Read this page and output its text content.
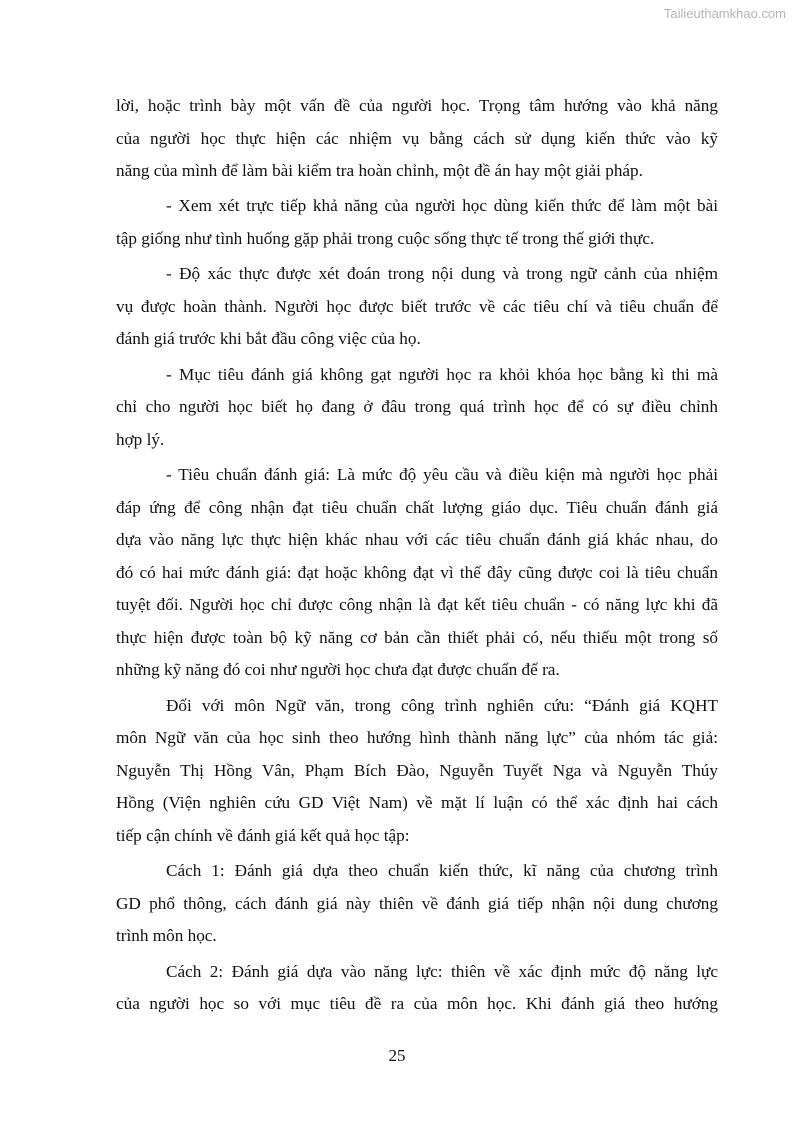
Tailieuthamkhao.com
lời, hoặc trình bày một vấn đề của người học. Trọng tâm hướng vào khả năng
của người học thực hiện các nhiệm vụ bằng cách sử dụng kiến thức vào kỹ
năng của mình để làm bài kiểm tra hoàn chỉnh, một đề án hay một giải pháp.
- Xem xét trực tiếp khả năng của người học dùng kiến thức để làm một bài
tập giống như tình huống gặp phải trong cuộc sống thực tế trong thế giới thực.
- Độ xác thực được xét đoán trong nội dung và trong ngữ cảnh của nhiệm
vụ được hoàn thành. Người học được biết trước về các tiêu chí và tiêu chuẩn để
đánh giá trước khi bắt đầu công việc của họ.
- Mục tiêu đánh giá không gạt người học ra khỏi khóa học bằng kì thi mà
chỉ cho người học biết họ đang ở đâu trong quá trình học để có sự điều chỉnh
hợp lý.
- Tiêu chuẩn đánh giá: Là mức độ yêu cầu và điều kiện mà người học phải
đáp ứng để công nhận đạt tiêu chuẩn chất lượng giáo dục. Tiêu chuẩn đánh giá
dựa vào năng lực thực hiện khác nhau với các tiêu chuẩn đánh giá khác nhau, do
đó có hai mức đánh giá: đạt hoặc không đạt vì thế đây cũng được coi là tiêu chuẩn
tuyệt đối. Người học chỉ được công nhận là đạt kết tiêu chuẩn - có năng lực khi đã
thực hiện được toàn bộ kỹ năng cơ bản cần thiết phải có, nếu thiếu một trong số
những kỹ năng đó coi như người học chưa đạt được chuẩn để ra.
Đối với môn Ngữ văn, trong công trình nghiên cứu: “Đánh giá KQHT
môn Ngữ văn của học sinh theo hướng hình thành năng lực” của nhóm tác giả:
Nguyễn Thị Hồng Vân, Phạm Bích Đào, Nguyễn Tuyết Nga và Nguyễn Thúy
Hồng (Viện nghiên cứu GD Việt Nam) về mặt lí luận có thể xác định hai cách
tiếp cận chính về đánh giá kết quả học tập:
Cách 1: Đánh giá dựa theo chuẩn kiến thức, kĩ năng của chương trình
GD phổ thông, cách đánh giá này thiên về đánh giá tiếp nhận nội dung chương
trình môn học.
Cách 2: Đánh giá dựa vào năng lực: thiên về xác định mức độ năng lực
của người học so với mục tiêu đề ra của môn học. Khi đánh giá theo hướng
25
